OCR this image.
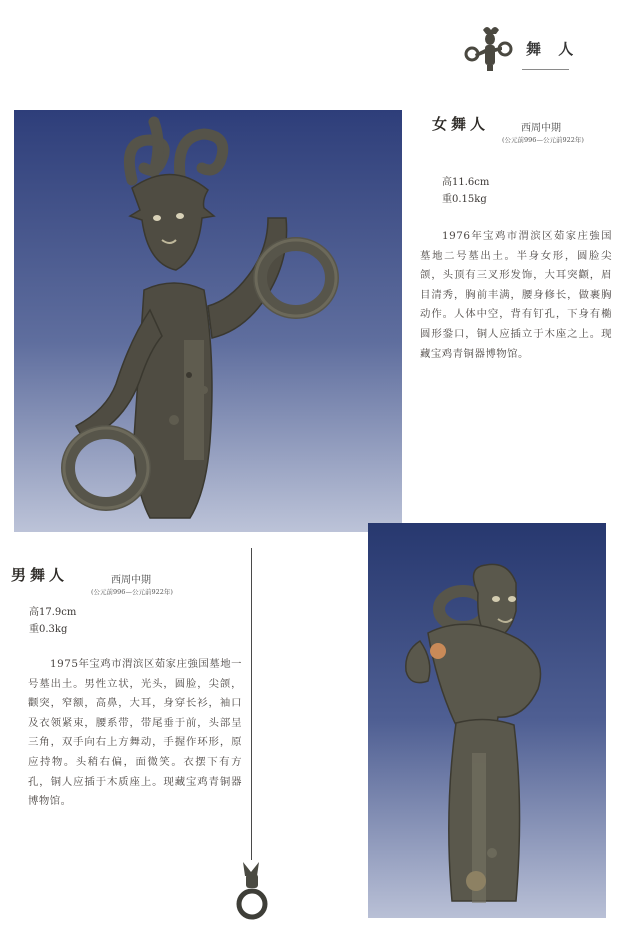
舞 人
女舞人	西周中期
(公元前996—公元前922年)
高11.6cm
重0.15kg
1976年宝鸡市渭滨区茹家庄強国墓地二号墓出土。半身女形，圆脸尖颌，头顶有三叉形发饰，大耳突颧，眉目清秀，胸前丰满，腰身修长，做裹胸动作。人体中空，背有钉孔，下身有椭圆形銎口，铜人应插立于木座之上。现藏宝鸡青铜器博物馆。
男舞人	西周中期
(公元前996—公元前922年)
高17.9cm
重0.3kg
1975年宝鸡市渭滨区茹家庄強国墓地一号墓出土。男性立状，光头，圆脸，尖颌，颧突，窄额，高鼻，大耳，身穿长衫，袖口及衣领紧束，腰系带，带尾垂于前，头部呈三角，双手向右上方舞动，手握作环形，原应持物。头稍右偏，面微笑。衣摆下有方孔，铜人应插于木质座上。现藏宝鸡青铜器博物馆。
